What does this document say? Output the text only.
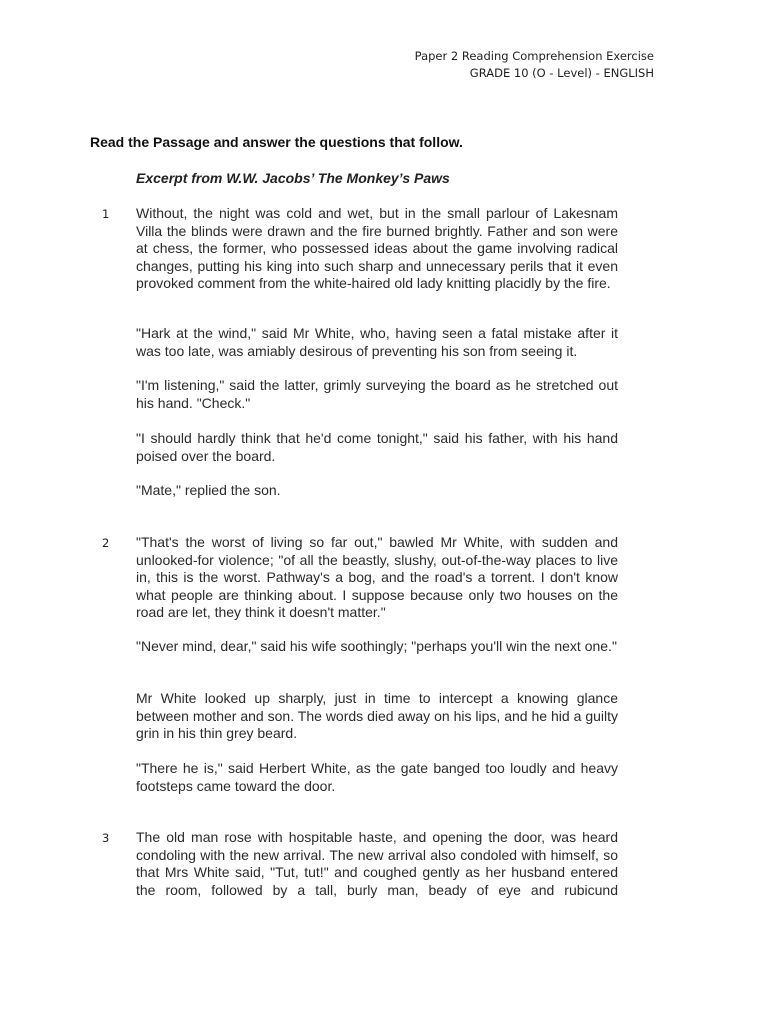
Paper 2 Reading Comprehension Exercise
GRADE 10 (O - Level) - ENGLISH
Read the Passage and answer the questions that follow.
Excerpt from W.W. Jacobs’ The Monkey’s Paws
1 Without, the night was cold and wet, but in the small parlour of Lakesnam Villa the blinds were drawn and the fire burned brightly. Father and son were at chess, the former, who possessed ideas about the game involving radical changes, putting his king into such sharp and unnecessary perils that it even provoked comment from the white-haired old lady knitting placidly by the fire.

"Hark at the wind," said Mr White, who, having seen a fatal mistake after it was too late, was amiably desirous of preventing his son from seeing it.

"I'm listening," said the latter, grimly surveying the board as he stretched out his hand. "Check."

"I should hardly think that he'd come tonight," said his father, with his hand poised over the board.

"Mate," replied the son.

2 "That's the worst of living so far out," bawled Mr White, with sudden and unlooked-for violence; "of all the beastly, slushy, out-of-the-way places to live in, this is the worst. Pathway's a bog, and the road's a torrent. I don't know what people are thinking about. I suppose because only two houses on the road are let, they think it doesn't matter."

"Never mind, dear," said his wife soothingly; "perhaps you'll win the next one."

Mr White looked up sharply, just in time to intercept a knowing glance between mother and son. The words died away on his lips, and he hid a guilty grin in his thin grey beard.

"There he is," said Herbert White, as the gate banged too loudly and heavy footsteps came toward the door.

3 The old man rose with hospitable haste, and opening the door, was heard condoling with the new arrival. The new arrival also condoled with himself, so that Mrs White said, "Tut, tut!" and coughed gently as her husband entered the room, followed by a tall, burly man, beady of eye and rubicund
